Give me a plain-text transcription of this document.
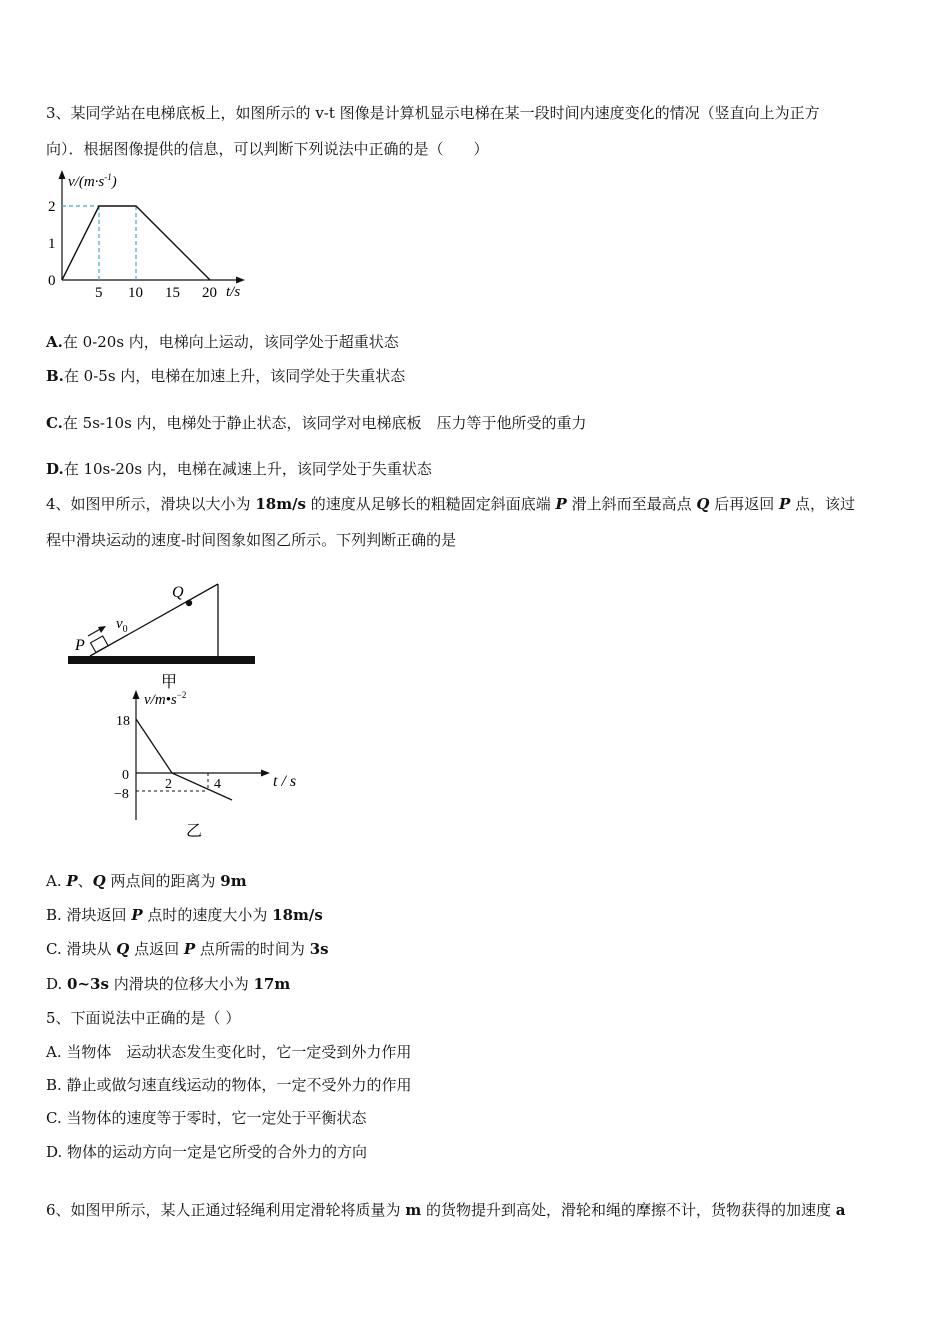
3、某同学站在电梯底板上，如图所示的 v-t 图像是计算机显示电梯在某一段时间内速度变化的情况（竖直向上为正方
向）．根据图像提供的信息，可以判断下列说法中正确的是（　　）
$v/(m\cdot s^{-1})$
5 10 15 20
2
1
0
t/s
A.在 0-20s 内，电梯向上运动，该同学处于超重状态
B.在 0-5s 内，电梯在加速上升，该同学处于失重状态
C.在 5s-10s 内，电梯处于静止状态，该同学对电梯底板　压力等于他所受的重力
D.在 10s-20s 内，电梯在减速上升，该同学处于失重状态
4、如图甲所示，滑块以大小为 18m/s 的速度从足够长的粗糙固定斜面底端 P 滑上斜而至最高点 Q 后再返回 P 点，该过
程中滑块运动的速度-时间图象如图乙所示。下列判断正确的是
Q
P
$v_0$
甲
$v/m•s^{-2}$
t / s
18
0
−8
2	4
乙
A. P、Q 两点间的距离为 9m
B. 滑块返回 P 点时的速度大小为 18m/s
C. 滑块从 Q 点返回 P 点所需的时间为 3s
D. 0~3s 内滑块的位移大小为 17m
5、下面说法中正确的是（ ）
A. 当物体　运动状态发生变化时，它一定受到外力作用
B. 静止或做匀速直线运动的物体，一定不受外力的作用
C. 当物体的速度等于零时，它一定处于平衡状态
D. 物体的运动方向一定是它所受的合外力的方向
6、如图甲所示，某人正通过轻绳利用定滑轮将质量为 m 的货物提升到高处，滑轮和绳的摩擦不计，货物获得的加速度 a
